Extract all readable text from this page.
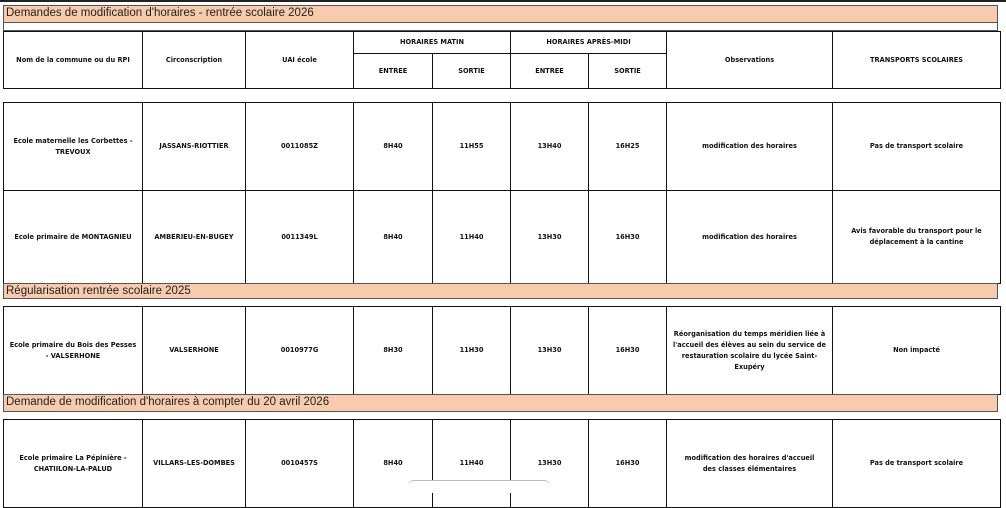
Demandes de modification d'horaires - rentrée scolaire 2026
Nom de la commune ou du RPI	Circonscription	UAI école	HORAIRES MATIN		HORAIRES APRÈS-MIDI		Observations	TRANSPORTS SCOLAIRES
			ENTREE	SORTIE	ENTREE	SORTIE		
Ecole maternelle les Corbettes - TREVOUX	JASSANS-RIOTTIER	0011085Z	8H40	11H55	13H40	16H25	modification des horaires	Pas de transport scolaire
Ecole primaire de MONTAGNIEU	AMBERIEU-EN-BUGEY	0011349L	8H40	11H40	13H30	16H30	modification des horaires	Avis favorable du transport pour le déplacement à la cantine
Régularisation rentrée scolaire 2025
Ecole primaire du Bois des Pesses - VALSERHONE	VALSERHONE	0010977G	8H30	11H30	13H30	16H30	Réorganisation du temps méridien liée à l'accueil des élèves au sein du service de restauration scolaire du lycée Saint-Exupéry	Non impacté
Demande de modification d'horaires à compter du 20 avril 2026
Ecole primaire La Pépinière - CHATIILON-LA-PALUD	VILLARS-LES-DOMBES	0010457S	8H40	11H40	13H30	16H30	modification des horaires d'accueil des classes élémentaires	Pas de transport scolaire
